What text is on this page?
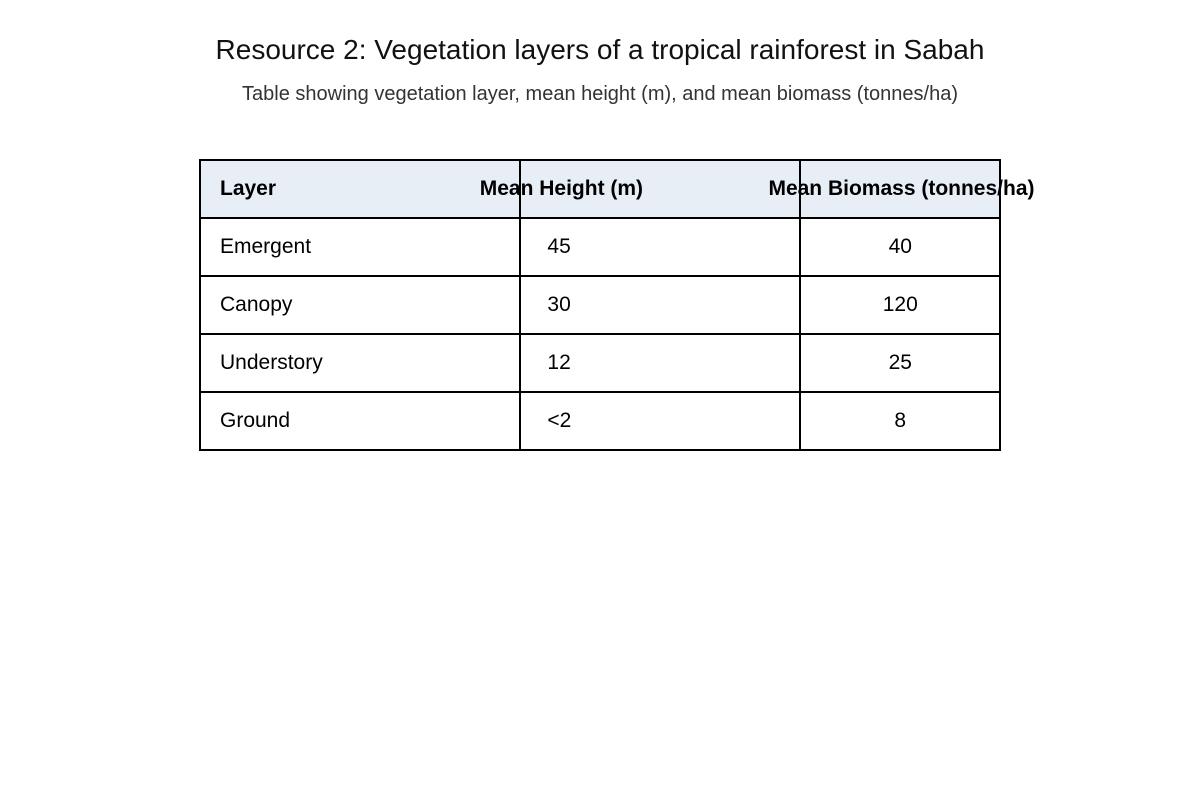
Resource 2: Vegetation layers of a tropical rainforest in Sabah
Table showing vegetation layer, mean height (m), and mean biomass (tonnes/ha)
Layer	Mean Height (m)	Mean Biomass (tonnes/ha)

Emergent	45	40
Canopy	30	120
Understory	12	25
Ground	<2	8
